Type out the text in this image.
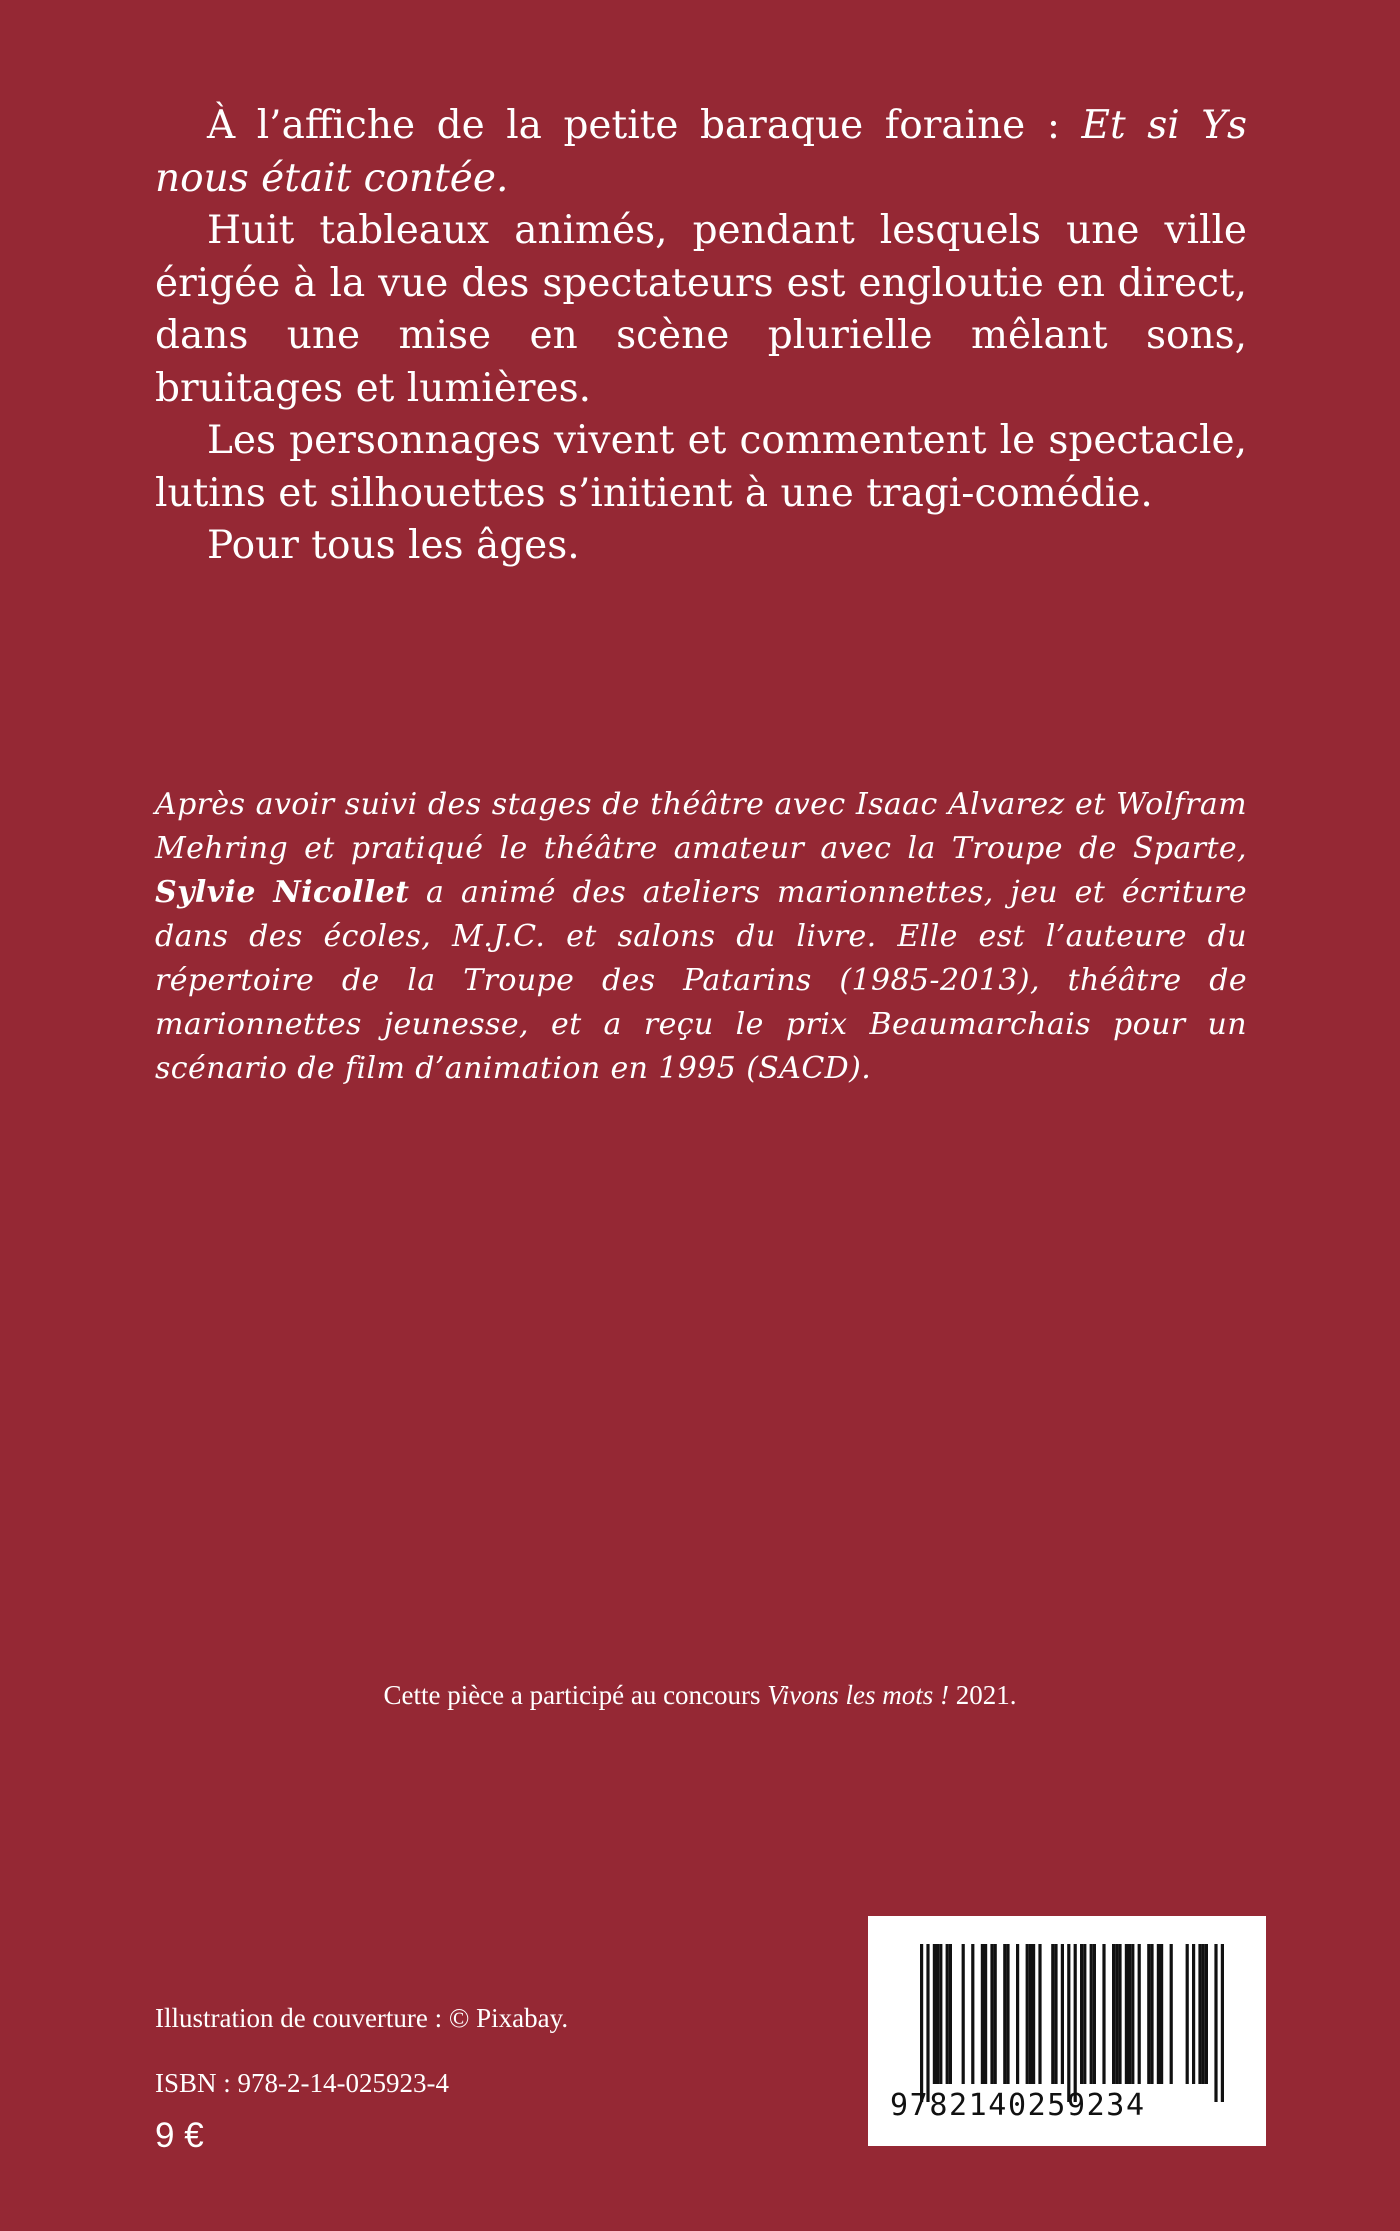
À l’affiche de la petite baraque foraine : Et si Ys nous était contée.

Huit tableaux animés, pendant lesquels une ville érigée à la vue des spectateurs est engloutie en direct, dans une mise en scène plurielle mêlant sons, bruitages et lumières.

Les personnages vivent et commentent le spectacle, lutins et silhouettes s’initient à une tragi-comédie.

Pour tous les âges.

Après avoir suivi des stages de théâtre avec Isaac Alvarez et Wolfram Mehring et pratiqué le théâtre amateur avec la Troupe de Sparte, Sylvie Nicollet a animé des ateliers marionnettes, jeu et écriture dans des écoles, M.J.C. et salons du livre. Elle est l’auteure du répertoire de la Troupe des Patarins (1985-2013), théâtre de marionnettes jeunesse, et a reçu le prix Beaumarchais pour un scénario de film d’animation en 1995 (SACD).

Cette pièce a participé au concours Vivons les mots ! 2021.
Illustration de couverture : © Pixabay.
ISBN : 978-2-14-025923-4
9 €
9782140259234
